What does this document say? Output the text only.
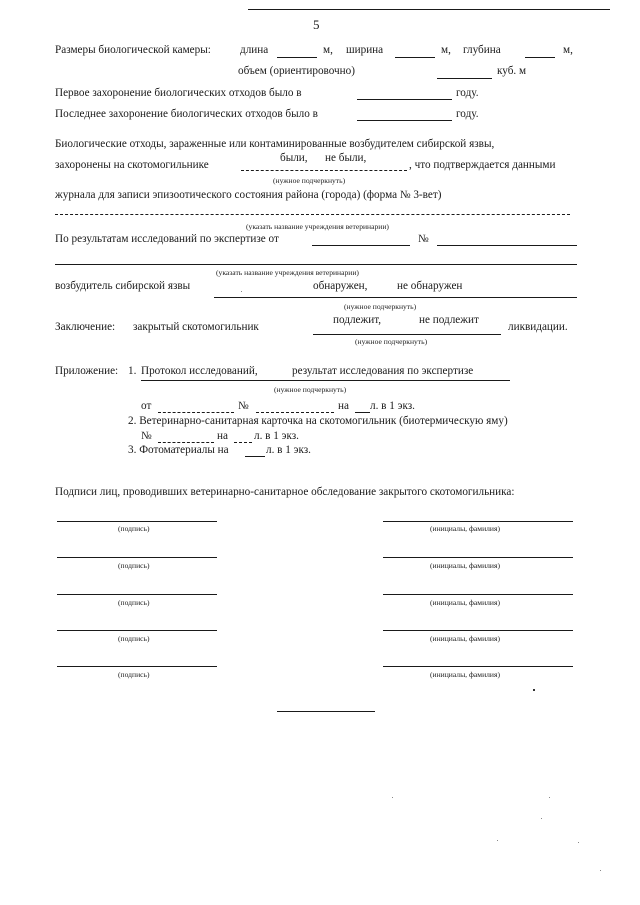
5
Размеры биологической камеры:	длина	м, ширина	м, глубина	м,
объем (ориентировочно)	куб. м
Первое захоронение биологических отходов было в	году.
Последнее захоронение биологических отходов было в	году.
Биологические отходы, зараженные или контаминированные возбудителем сибирской язвы,
были, не были,
захоронены на скотомогильнике	, что подтверждается данными
(нужное подчеркнуть)
журнала для записи эпизоотического состояния района (города) (форма № 3-вет)
(указать название учреждения ветеринарии)
По результатам исследований по экспертизе от	№
(указать название учреждения ветеринарии)
возбудитель сибирской язвы	обнаружен,	не обнаружен
(нужное подчеркнуть)
Заключение: закрытый скотомогильник
подлежит,	не подлежит
ликвидации.
(нужное подчеркнуть)
Приложение: 1. Протокол исследований,	результат исследования по экспертизе
(нужное подчеркнуть)
от	№	на л. в 1 экз.
2. Ветеринарно-санитарная карточка на скотомогильник (биотермическую яму)
№	на л. в 1 экз.
3. Фотоматериалы на	л. в 1 экз.
Подписи лиц, проводивших ветеринарно-санитарное обследование закрытого скотомогильника:
(подпись)	(инициалы, фамилия)
(подпись)	(инициалы, фамилия)
(подпись)	(инициалы, фамилия)
(подпись)	(инициалы, фамилия)
(подпись)	(инициалы, фамилия)
